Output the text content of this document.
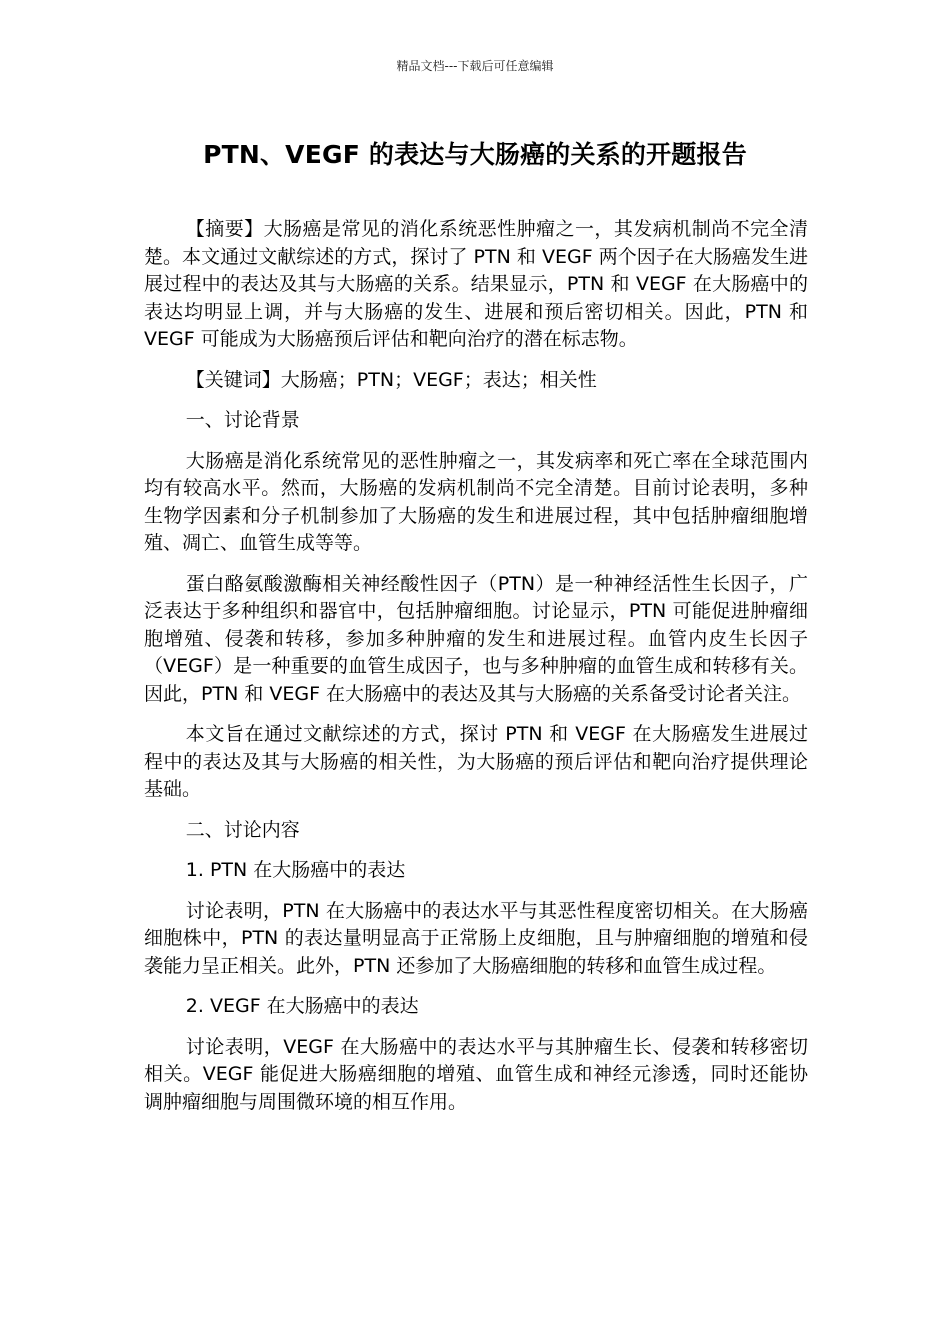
精品文档---下载后可任意编辑
PTN、VEGF 的表达与大肠癌的关系的开题报告

【摘要】大肠癌是常见的消化系统恶性肿瘤之一，其发病机制尚不完全清楚。本文通过文献综述的方式，探讨了 PTN 和 VEGF 两个因子在大肠癌发生进展过程中的表达及其与大肠癌的关系。结果显示，PTN 和 VEGF 在大肠癌中的表达均明显上调，并与大肠癌的发生、进展和预后密切相关。因此，PTN 和 VEGF 可能成为大肠癌预后评估和靶向治疗的潜在标志物。

【关键词】大肠癌；PTN；VEGF；表达；相关性

一、讨论背景

大肠癌是消化系统常见的恶性肿瘤之一，其发病率和死亡率在全球范围内均有较高水平。然而，大肠癌的发病机制尚不完全清楚。目前讨论表明，多种生物学因素和分子机制参加了大肠癌的发生和进展过程，其中包括肿瘤细胞增殖、凋亡、血管生成等等。

蛋白酪氨酸激酶相关神经酸性因子（PTN）是一种神经活性生长因子，广泛表达于多种组织和器官中，包括肿瘤细胞。讨论显示，PTN 可能促进肿瘤细胞增殖、侵袭和转移，参加多种肿瘤的发生和进展过程。血管内皮生长因子（VEGF）是一种重要的血管生成因子，也与多种肿瘤的血管生成和转移有关。因此，PTN 和 VEGF 在大肠癌中的表达及其与大肠癌的关系备受讨论者关注。

本文旨在通过文献综述的方式，探讨 PTN 和 VEGF 在大肠癌发生进展过程中的表达及其与大肠癌的相关性，为大肠癌的预后评估和靶向治疗提供理论基础。

二、讨论内容

1. PTN 在大肠癌中的表达

讨论表明，PTN 在大肠癌中的表达水平与其恶性程度密切相关。在大肠癌细胞株中，PTN 的表达量明显高于正常肠上皮细胞，且与肿瘤细胞的增殖和侵袭能力呈正相关。此外，PTN 还参加了大肠癌细胞的转移和血管生成过程。

2. VEGF 在大肠癌中的表达

讨论表明，VEGF 在大肠癌中的表达水平与其肿瘤生长、侵袭和转移密切相关。VEGF 能促进大肠癌细胞的增殖、血管生成和神经元渗透，同时还能协调肿瘤细胞与周围微环境的相互作用。
